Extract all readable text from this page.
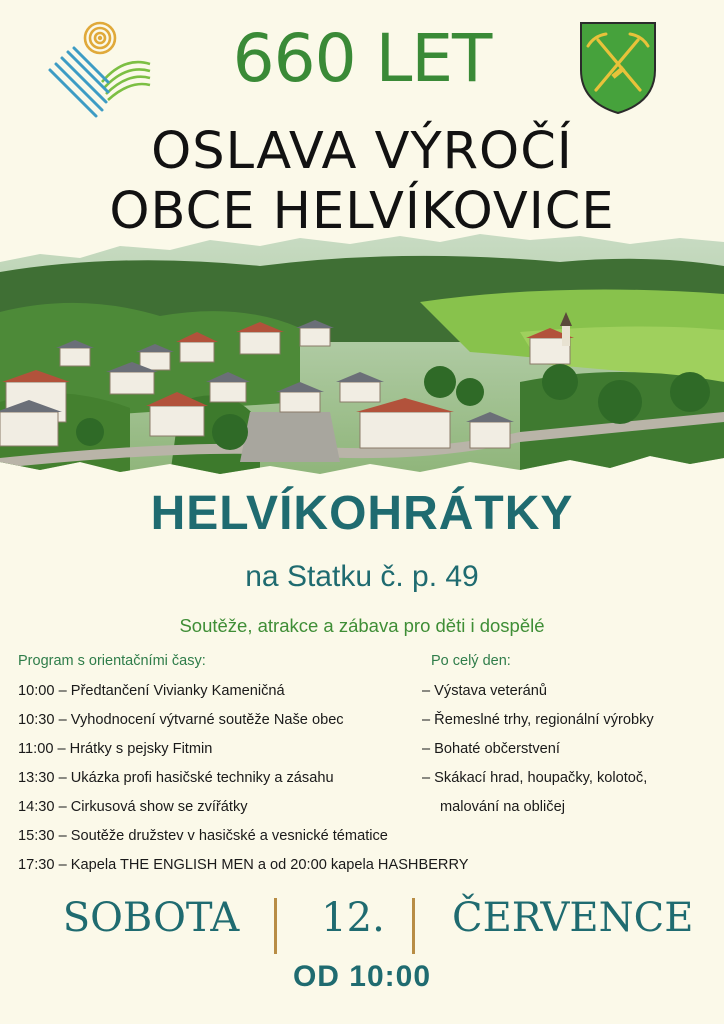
660 LET
OSLAVA VÝROČÍ
OBCE HELVÍKOVICE
HELVÍKOHRÁTKY
na Statku č. p. 49
Soutěže, atrakce a zábava pro děti i dospělé
Program s orientačními časy:
10:00 – Předtančení Vivianky Kameničná
10:30 – Vyhodnocení výtvarné soutěže Naše obec
11:00 – Hrátky s pejsky Fitmin
13:30 – Ukázka profi hasičské techniky a zásahu
14:30 – Cirkusová show se zvířátky
15:30 – Soutěže družstev v hasičské a vesnické tématice
17:30 – Kapela THE ENGLISH MEN a od 20:00 kapela HASHBERRY
Po celý den:
– Výstava veteránů
– Řemeslné trhy, regionální výrobky
– Bohaté občerstvení
– Skákací hrad, houpačky, kolotoč,
malování na obličej
SOBOTA 12. ČERVENCE
OD 10:00
